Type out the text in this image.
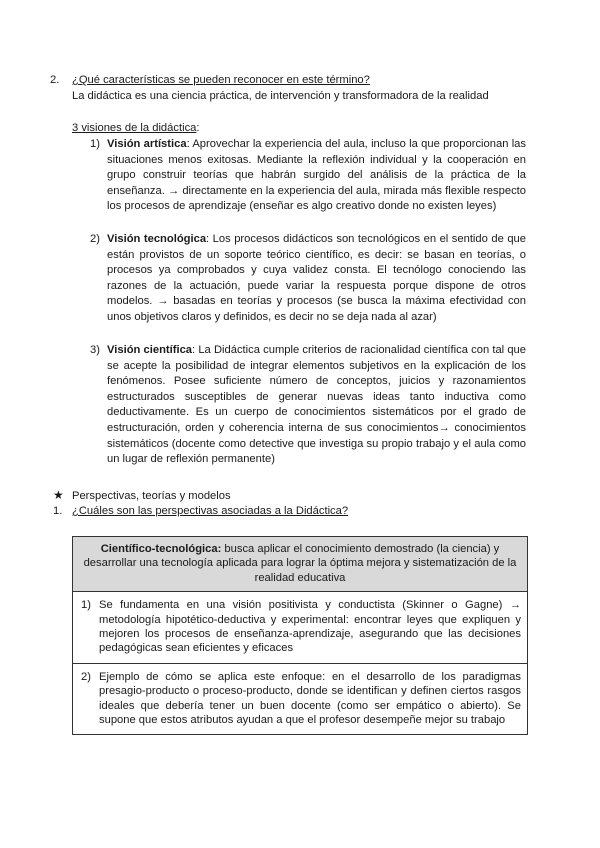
2. ¿Qué características se pueden reconocer en este término?
La didáctica es una ciencia práctica, de intervención y transformadora de la realidad
3 visiones de la didáctica:
1) Visión artística: Aprovechar la experiencia del aula, incluso la que proporcionan las situaciones menos exitosas. Mediante la reflexión individual y la cooperación en grupo construir teorías que habrán surgido del análisis de la práctica de la enseñanza. → directamente en la experiencia del aula, mirada más flexible respecto los procesos de aprendizaje (enseñar es algo creativo donde no existen leyes)
2) Visión tecnológica: Los procesos didácticos son tecnológicos en el sentido de que están provistos de un soporte teórico científico, es decir: se basan en teorías, o procesos ya comprobados y cuya validez consta. El tecnólogo conociendo las razones de la actuación, puede variar la respuesta porque dispone de otros modelos. → basadas en teorías y procesos (se busca la máxima efectividad con unos objetivos claros y definidos, es decir no se deja nada al azar)
3) Visión científica: La Didáctica cumple criterios de racionalidad científica con tal que se acepte la posibilidad de integrar elementos subjetivos en la explicación de los fenómenos. Posee suficiente número de conceptos, juicios y razonamientos estructurados susceptibles de generar nuevas ideas tanto inductiva como deductivamente. Es un cuerpo de conocimientos sistemáticos por el grado de estructuración, orden y coherencia interna de sus conocimientos→ conocimientos sistemáticos (docente como detective que investiga su propio trabajo y el aula como un lugar de reflexión permanente)
★ Perspectivas, teorías y modelos
1. ¿Cuáles son las perspectivas asociadas a la Didáctica?
Científico-tecnológica: busca aplicar el conocimiento demostrado (la ciencia) y desarrollar una tecnología aplicada para lograr la óptima mejora y sistematización de la realidad educativa
1) Se fundamenta en una visión positivista y conductista (Skinner o Gagne) → metodología hipotético-deductiva y experimental: encontrar leyes que expliquen y mejoren los procesos de enseñanza-aprendizaje, asegurando que las decisiones pedagógicas sean eficientes y eficaces
2) Ejemplo de cómo se aplica este enfoque: en el desarrollo de los paradigmas presagio-producto o proceso-producto, donde se identifican y definen ciertos rasgos ideales que debería tener un buen docente (como ser empático o abierto). Se supone que estos atributos ayudan a que el profesor desempeñe mejor su trabajo
